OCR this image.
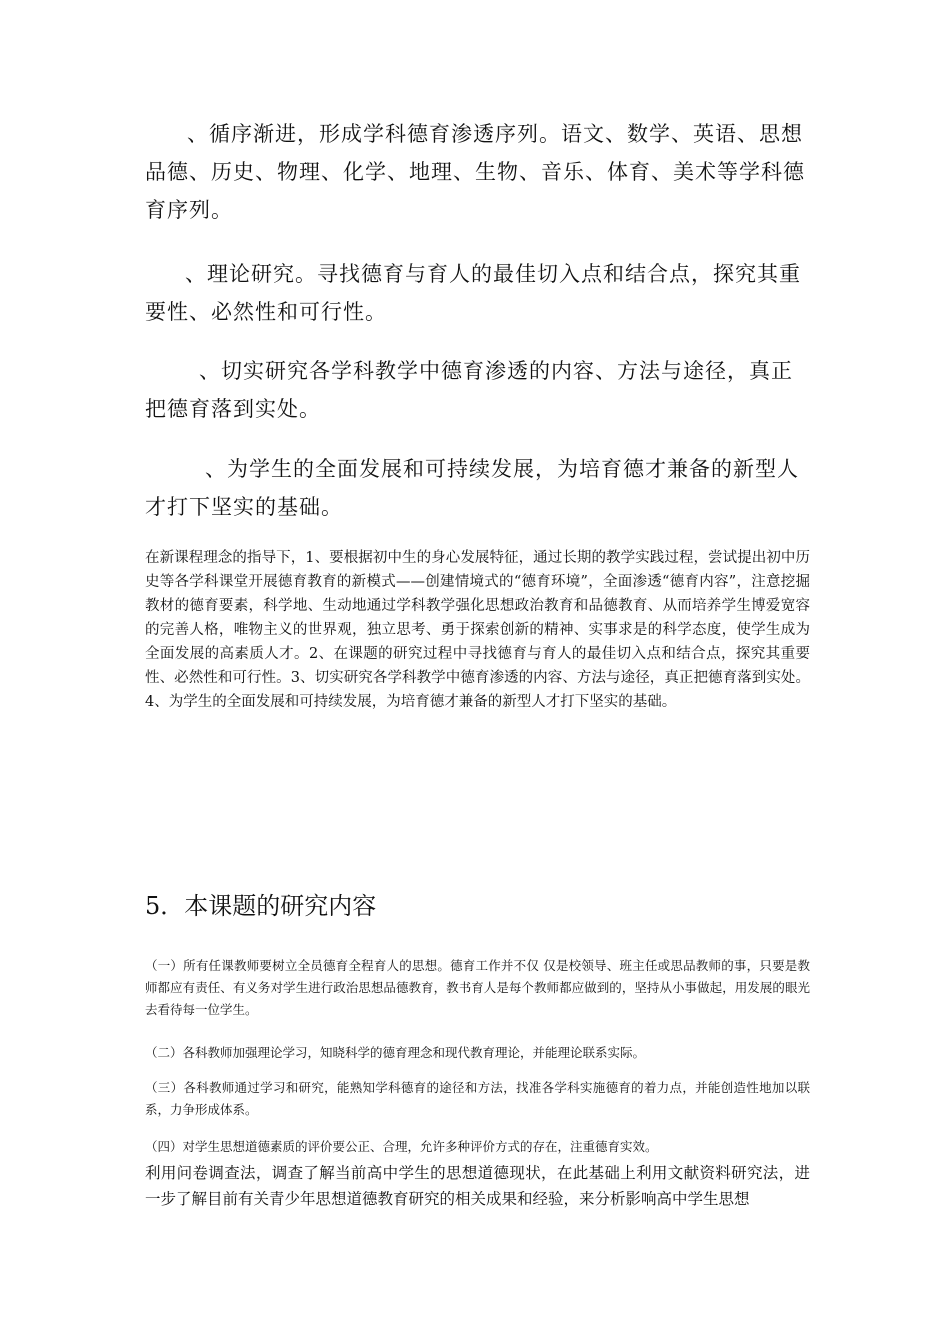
、循序渐进，形成学科德育渗透序列。语文、数学、英语、思想品德、历史、物理、化学、地理、生物、音乐、体育、美术等学科德育序列。

、理论研究。寻找德育与育人的最佳切入点和结合点，探究其重要性、必然性和可行性。

、切实研究各学科教学中德育渗透的内容、方法与途径，真正把德育落到实处。

、为学生的全面发展和可持续发展，为培育德才兼备的新型人才打下坚实的基础。

在新课程理念的指导下，1、要根据初中生的身心发展特征，通过长期的教学实践过程，尝试提出初中历史等各学科课堂开展德育教育的新模式——创建情境式的“德育环境”，全面渗透“德育内容”，注意挖掘教材的德育要素，科学地、生动地通过学科教学强化思想政治教育和品德教育、从而培养学生博爱宽容的完善人格，唯物主义的世界观，独立思考、勇于探索创新的精神、实事求是的科学态度，使学生成为全面发展的高素质人才。2、在课题的研究过程中寻找德育与育人的最佳切入点和结合点，探究其重要性、必然性和可行性。3、切实研究各学科教学中德育渗透的内容、方法与途径，真正把德育落到实处。4、为学生的全面发展和可持续发展，为培育德才兼备的新型人才打下坚实的基础。

5．本课题的研究内容

（一）所有任课教师要树立全员德育全程育人的思想。德育工作并不仅 仅是校领导、班主任或思品教师的事，只要是教师都应有责任、有义务对学生进行政治思想品德教育，教书育人是每个教师都应做到的，坚持从小事做起，用发展的眼光去看待每一位学生。

（二）各科教师加强理论学习，知晓科学的德育理念和现代教育理论，并能理论联系实际。

（三）各科教师通过学习和研究，能熟知学科德育的途径和方法，找准各学科实施德育的着力点，并能创造性地加以联系，力争形成体系。

（四）对学生思想道德素质的评价要公正、合理，允许多种评价方式的存在，注重德育实效。

利用问卷调查法，调查了解当前高中学生的思想道德现状，在此基础上利用文献资料研究法，进一步了解目前有关青少年思想道德教育研究的相关成果和经验，来分析影响高中学生思想
